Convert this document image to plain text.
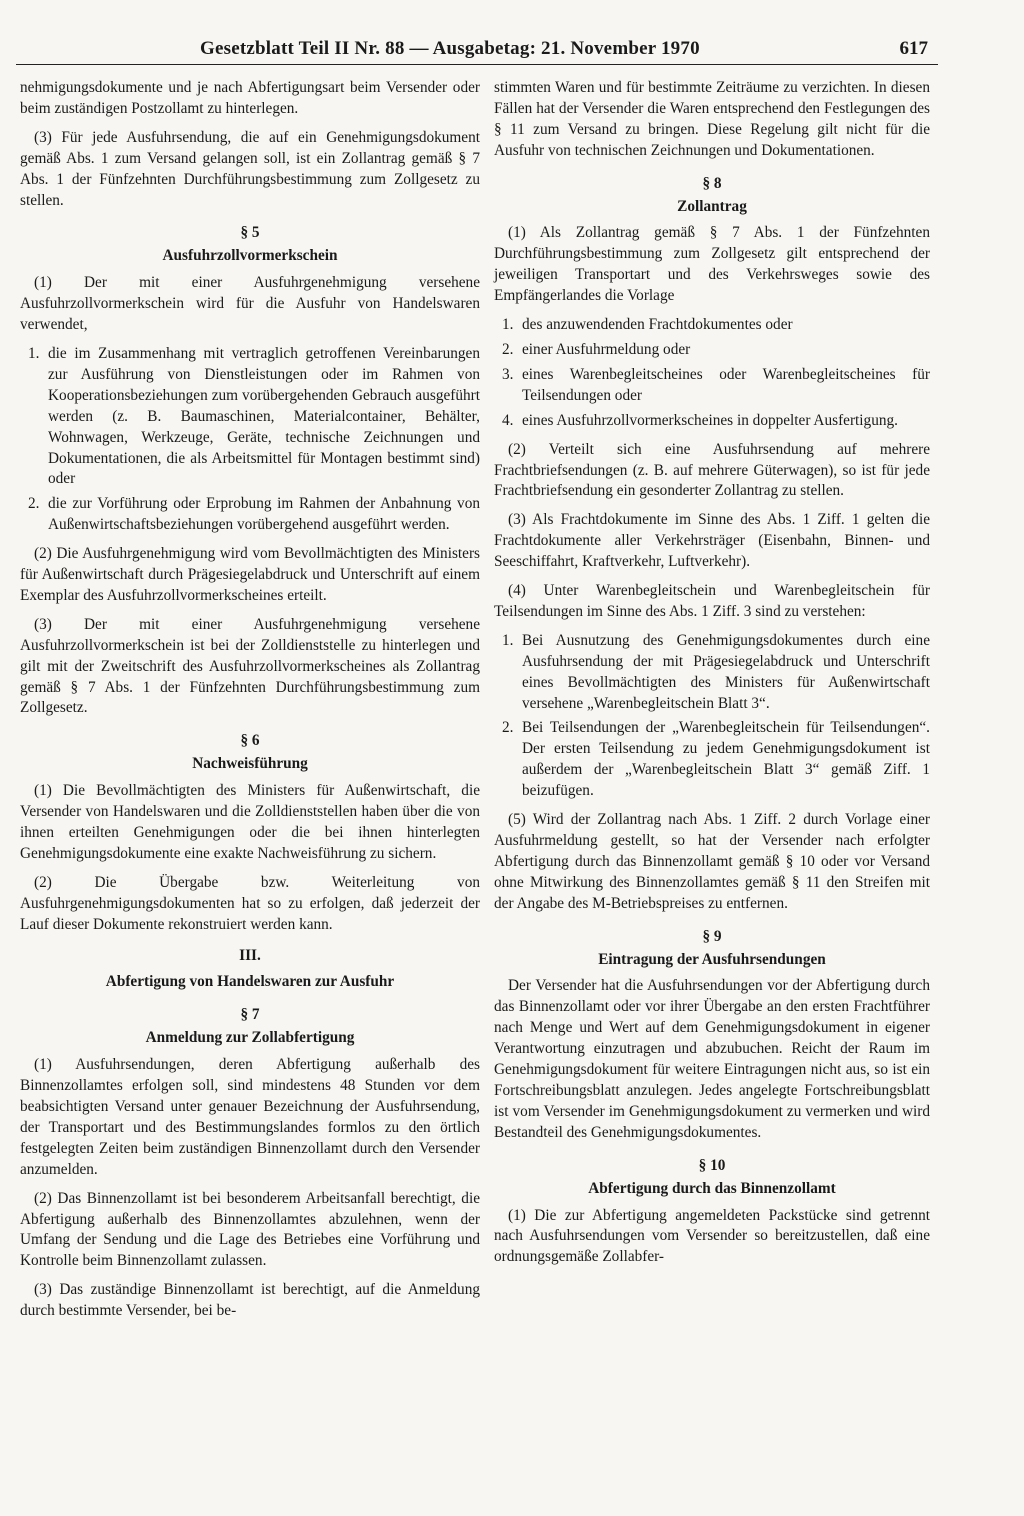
Gesetzblatt Teil II Nr. 88 — Ausgabetag: 21. November 1970	617

nehmigungsdokumente und je nach Abfertigungsart beim Versender oder beim zuständigen Postzollamt zu hinterlegen.

(3) Für jede Ausfuhrsendung, die auf ein Genehmigungsdokument gemäß Abs. 1 zum Versand gelangen soll, ist ein Zollantrag gemäß § 7 Abs. 1 der Fünfzehnten Durchführungsbestimmung zum Zollgesetz zu stellen.

§ 5
Ausfuhrzollvormerkschein

(1) Der mit einer Ausfuhrgenehmigung versehene Ausfuhrzollvormerkschein wird für die Ausfuhr von Handelswaren verwendet,

1. die im Zusammenhang mit vertraglich getroffenen Vereinbarungen zur Ausführung von Dienstleistungen oder im Rahmen von Kooperationsbeziehungen zum vorübergehenden Gebrauch ausgeführt werden (z. B. Baumaschinen, Materialcontainer, Behälter, Wohnwagen, Werkzeuge, Geräte, technische Zeichnungen und Dokumentationen, die als Arbeitsmittel für Montagen bestimmt sind) oder
2. die zur Vorführung oder Erprobung im Rahmen der Anbahnung von Außenwirtschaftsbeziehungen vorübergehend ausgeführt werden.

(2) Die Ausfuhrgenehmigung wird vom Bevollmächtigten des Ministers für Außenwirtschaft durch Prägesiegelabdruck und Unterschrift auf einem Exemplar des Ausfuhrzollvormerkscheines erteilt.

(3) Der mit einer Ausfuhrgenehmigung versehene Ausfuhrzollvormerkschein ist bei der Zolldienststelle zu hinterlegen und gilt mit der Zweitschrift des Ausfuhrzollvormerkscheines als Zollantrag gemäß § 7 Abs. 1 der Fünfzehnten Durchführungsbestimmung zum Zollgesetz.

§ 6
Nachweisführung

(1) Die Bevollmächtigten des Ministers für Außenwirtschaft, die Versender von Handelswaren und die Zolldienststellen haben über die von ihnen erteilten Genehmigungen oder die bei ihnen hinterlegten Genehmigungsdokumente eine exakte Nachweisführung zu sichern.

(2) Die Übergabe bzw. Weiterleitung von Ausfuhrgenehmigungsdokumenten hat so zu erfolgen, daß jederzeit der Lauf dieser Dokumente rekonstruiert werden kann.

III.
Abfertigung von Handelswaren zur Ausfuhr
§ 7
Anmeldung zur Zollabfertigung

(1) Ausfuhrsendungen, deren Abfertigung außerhalb des Binnenzollamtes erfolgen soll, sind mindestens 48 Stunden vor dem beabsichtigten Versand unter genauer Bezeichnung der Ausfuhrsendung, der Transportart und des Bestimmungslandes formlos zu den örtlich festgelegten Zeiten beim zuständigen Binnenzollamt durch den Versender anzumelden.

(2) Das Binnenzollamt ist bei besonderem Arbeitsanfall berechtigt, die Abfertigung außerhalb des Binnenzollamtes abzulehnen, wenn der Umfang der Sendung und die Lage des Betriebes eine Vorführung und Kontrolle beim Binnenzollamt zulassen.

(3) Das zuständige Binnenzollamt ist berechtigt, auf die Anmeldung durch bestimmte Versender, bei be-

stimmten Waren und für bestimmte Zeiträume zu verzichten. In diesen Fällen hat der Versender die Waren entsprechend den Festlegungen des § 11 zum Versand zu bringen. Diese Regelung gilt nicht für die Ausfuhr von technischen Zeichnungen und Dokumentationen.

§ 8
Zollantrag

(1) Als Zollantrag gemäß § 7 Abs. 1 der Fünfzehnten Durchführungsbestimmung zum Zollgesetz gilt entsprechend der jeweiligen Transportart und des Verkehrsweges sowie des Empfängerlandes die Vorlage

1. des anzuwendenden Frachtdokumentes oder
2. einer Ausfuhrmeldung oder
3. eines Warenbegleitscheines oder Warenbegleitscheines für Teilsendungen oder
4. eines Ausfuhrzollvormerkscheines in doppelter Ausfertigung.

(2) Verteilt sich eine Ausfuhrsendung auf mehrere Frachtbriefsendungen (z. B. auf mehrere Güterwagen), so ist für jede Frachtbriefsendung ein gesonderter Zollantrag zu stellen.

(3) Als Frachtdokumente im Sinne des Abs. 1 Ziff. 1 gelten die Frachtdokumente aller Verkehrsträger (Eisenbahn, Binnen- und Seeschiffahrt, Kraftverkehr, Luftverkehr).

(4) Unter Warenbegleitschein und Warenbegleitschein für Teilsendungen im Sinne des Abs. 1 Ziff. 3 sind zu verstehen:

1. Bei Ausnutzung des Genehmigungsdokumentes durch eine Ausfuhrsendung der mit Prägesiegelabdruck und Unterschrift eines Bevollmächtigten des Ministers für Außenwirtschaft versehene „Warenbegleitschein Blatt 3“.
2. Bei Teilsendungen der „Warenbegleitschein für Teilsendungen“. Der ersten Teilsendung zu jedem Genehmigungsdokument ist außerdem der „Warenbegleitschein Blatt 3“ gemäß Ziff. 1 beizufügen.

(5) Wird der Zollantrag nach Abs. 1 Ziff. 2 durch Vorlage einer Ausfuhrmeldung gestellt, so hat der Versender nach erfolgter Abfertigung durch das Binnenzollamt gemäß § 10 oder vor Versand ohne Mitwirkung des Binnenzollamtes gemäß § 11 den Streifen mit der Angabe des M-Betriebspreises zu entfernen.

§ 9
Eintragung der Ausfuhrsendungen

Der Versender hat die Ausfuhrsendungen vor der Abfertigung durch das Binnenzollamt oder vor ihrer Übergabe an den ersten Frachtführer nach Menge und Wert auf dem Genehmigungsdokument in eigener Verantwortung einzutragen und abzubuchen. Reicht der Raum im Genehmigungsdokument für weitere Eintragungen nicht aus, so ist ein Fortschreibungsblatt anzulegen. Jedes angelegte Fortschreibungsblatt ist vom Versender im Genehmigungsdokument zu vermerken und wird Bestandteil des Genehmigungsdokumentes.

§ 10
Abfertigung durch das Binnenzollamt

(1) Die zur Abfertigung angemeldeten Packstücke sind getrennt nach Ausfuhrsendungen vom Versender so bereitzustellen, daß eine ordnungsgemäße Zollabfer-
